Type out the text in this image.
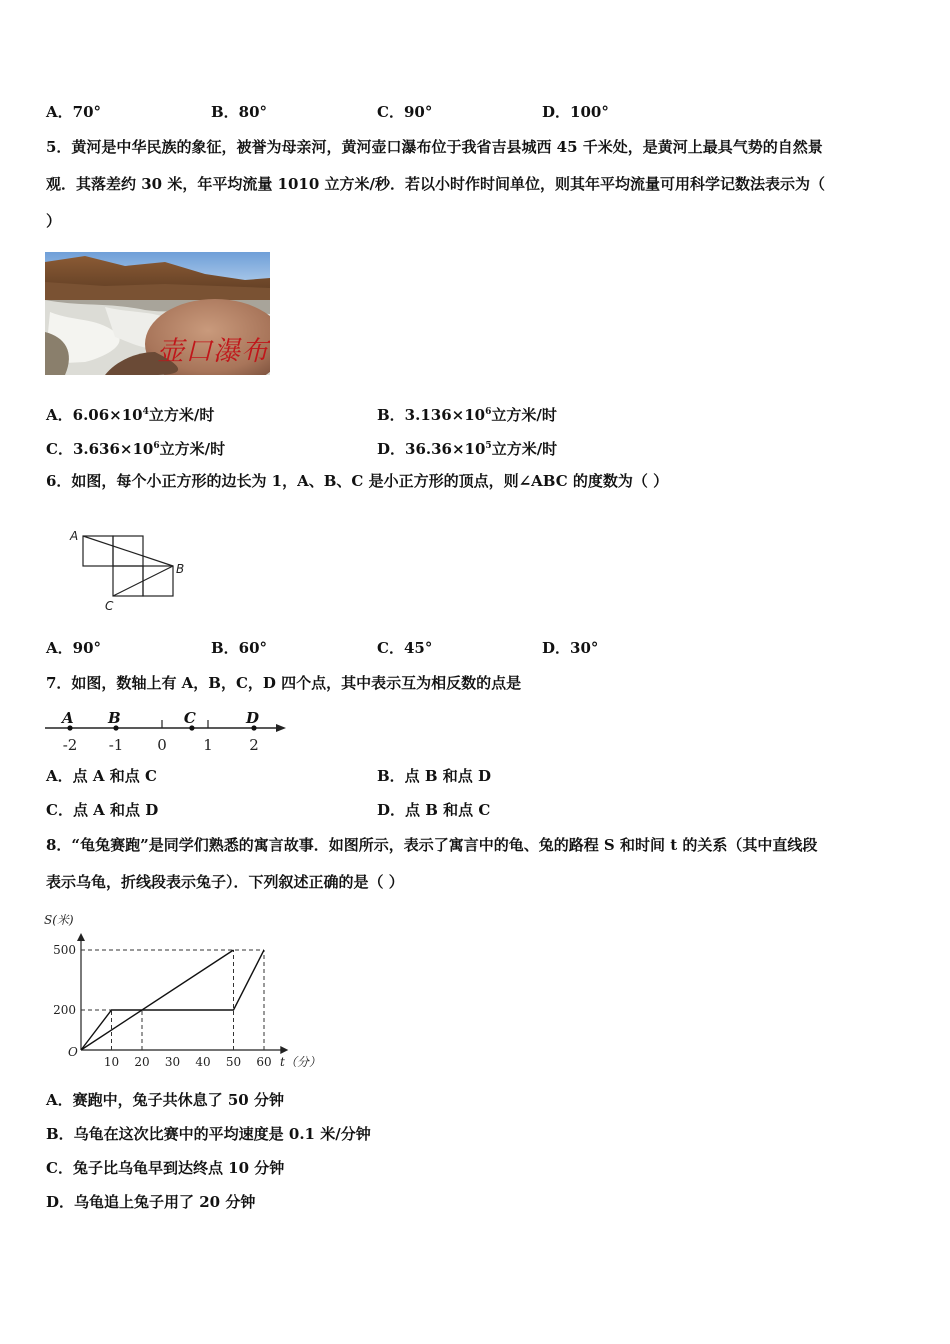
A．70°	B．80°	C．90°	D．100°
5．黄河是中华民族的象征，被誉为母亲河，黄河壶口瀑布位于我省吉县城西 45 千米处，是黄河上最具气势的自然景
观．其落差约 30 米，年平均流量 1010 立方米/秒．若以小时作时间单位，则其年平均流量可用科学记数法表示为（
）
壶口瀑布
A．$6.06\times 10^4$立方米/时	B．$3.136\times 10^6$立方米/时
C．$3.636\times 10^6$立方米/时	D．$36.36\times 10^5$立方米/时
6．如图，每个小正方形的边长为 1，A、B、C 是小正方形的顶点，则∠ABC 的度数为（ ）
A
B
C
A．90°	B．60°	C．45°	D．30°
7．如图，数轴上有 A，B，C，D 四个点，其中表示互为相反数的点是
-2 -1 0 1 2
A B	C	D
A．点 A 和点 C	B．点 B 和点 D
C．点 A 和点 D	D．点 B 和点 C
8．“龟兔赛跑”是同学们熟悉的寓言故事．如图所示，表示了寓言中的龟、兔的路程 S 和时间 t 的关系（其中直线段
表示乌龟，折线段表示兔子）．下列叙述正确的是（ ）
S(米)
t（分）
O
10 20 30 40 50 60
200
500
A．赛跑中，兔子共休息了 50 分钟
B．乌龟在这次比赛中的平均速度是 0.1 米/分钟
C．兔子比乌龟早到达终点 10 分钟
D．乌龟追上兔子用了 20 分钟
